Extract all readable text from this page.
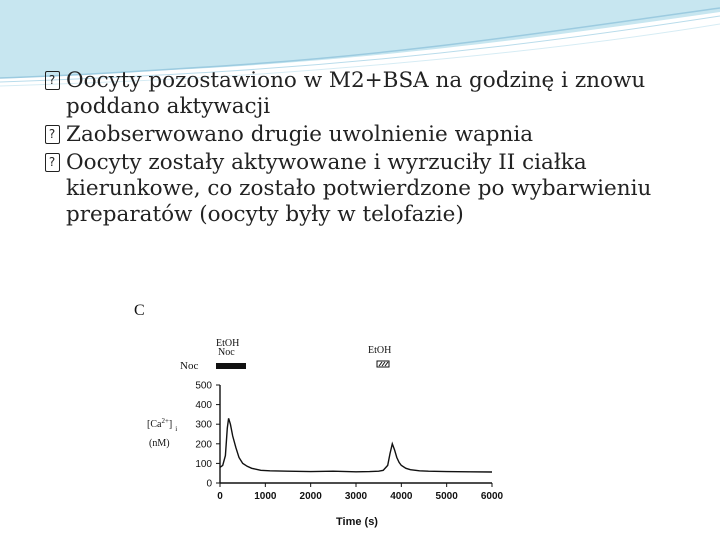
? Oocyty pozostawiono w M2+BSA na godzinę i znowu poddano aktywacji
? Zaobserwowano drugie uwolnienie wapnia
? Oocyty zostały aktywowane i wyrzuciły II ciałka kierunkowe, co zostało potwierdzone po wybarwieniu preparatów (oocyty były w telofazie)
C
EtOH
Noc
Noc
EtOH
$[Ca^{2+}]$ $_i$
(nM)
0
100
200
300
400
500
0	1000 2000 3000 4000 5000 6000
Time (s)
